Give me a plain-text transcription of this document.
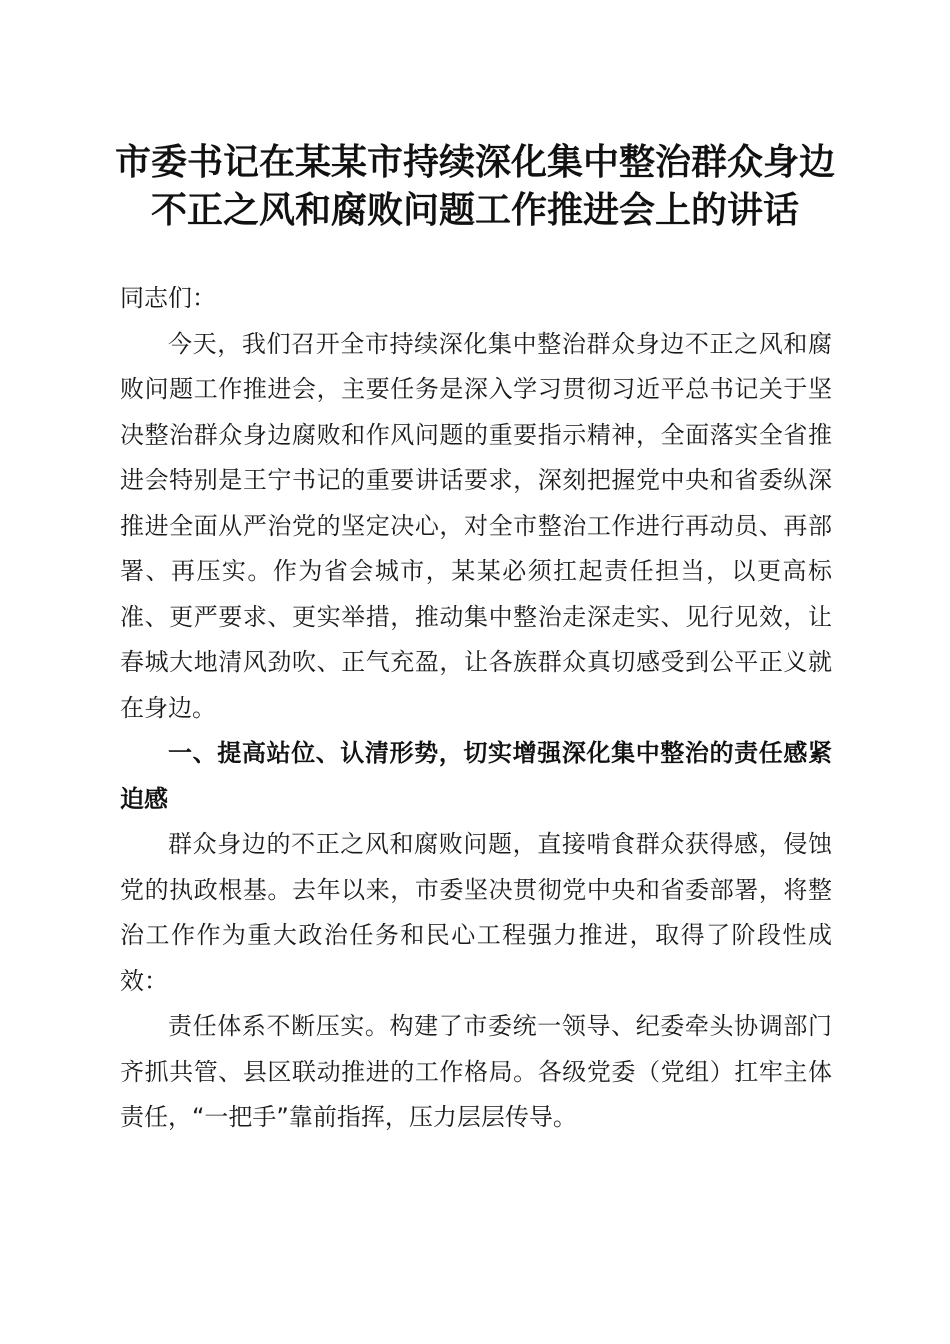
市委书记在某某市持续深化集中整治群众身边
不正之风和腐败问题工作推进会上的讲话

同志们：

今天，我们召开全市持续深化集中整治群众身边不正之风和腐败问题工作推进会，主要任务是深入学习贯彻习近平总书记关于坚决整治群众身边腐败和作风问题的重要指示精神，全面落实全省推进会特别是王宁书记的重要讲话要求，深刻把握党中央和省委纵深推进全面从严治党的坚定决心，对全市整治工作进行再动员、再部署、再压实。作为省会城市，某某必须扛起责任担当，以更高标准、更严要求、更实举措，推动集中整治走深走实、见行见效，让春城大地清风劲吹、正气充盈，让各族群众真切感受到公平正义就在身边。

一、提高站位、认清形势，切实增强深化集中整治的责任感紧迫感

群众身边的不正之风和腐败问题，直接啃食群众获得感，侵蚀党的执政根基。去年以来，市委坚决贯彻党中央和省委部署，将整治工作作为重大政治任务和民心工程强力推进，取得了阶段性成效：

责任体系不断压实。构建了市委统一领导、纪委牵头协调部门齐抓共管、县区联动推进的工作格局。各级党委（党组）扛牢主体责任，“一把手”靠前指挥，压力层层传导。
